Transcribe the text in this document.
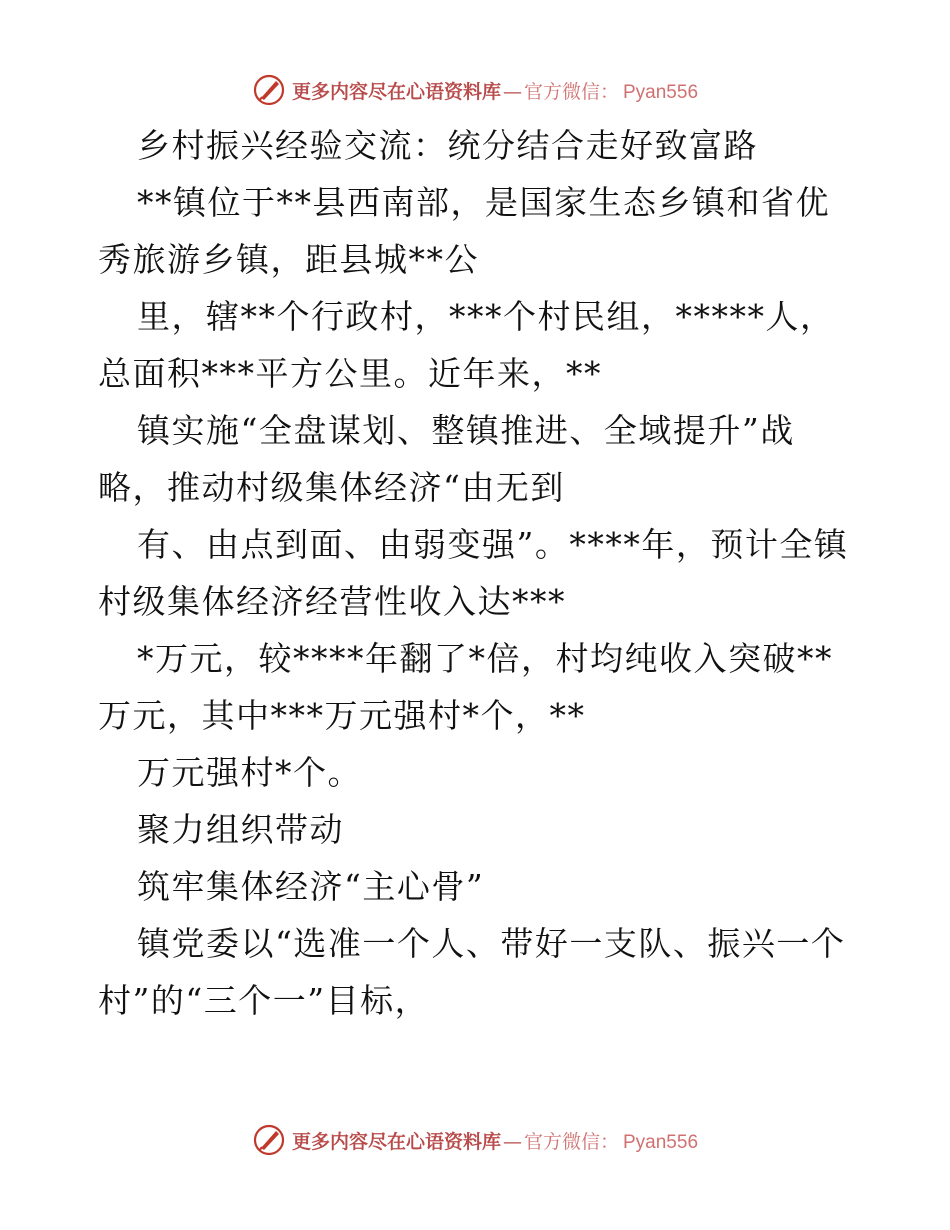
更多内容尽在心语资料库 — 官方微信： Pyan556

乡村振兴经验交流：统分结合走好致富路

**镇位于**县西南部，是国家生态乡镇和省优秀旅游乡镇，距县城**公

里，辖**个行政村，***个村民组，*****人，总面积***平方公里。近年来，**

镇实施“全盘谋划、整镇推进、全域提升”战略，推动村级集体经济“由无到

有、由点到面、由弱变强”。****年，预计全镇村级集体经济经营性收入达***

*万元，较****年翻了*倍，村均纯收入突破**万元，其中***万元强村*个，**

万元强村*个。

聚力组织带动

筑牢集体经济“主心骨”

镇党委以“选准一个人、带好一支队、振兴一个村”的“三个一”目标，

更多内容尽在心语资料库 — 官方微信： Pyan556
